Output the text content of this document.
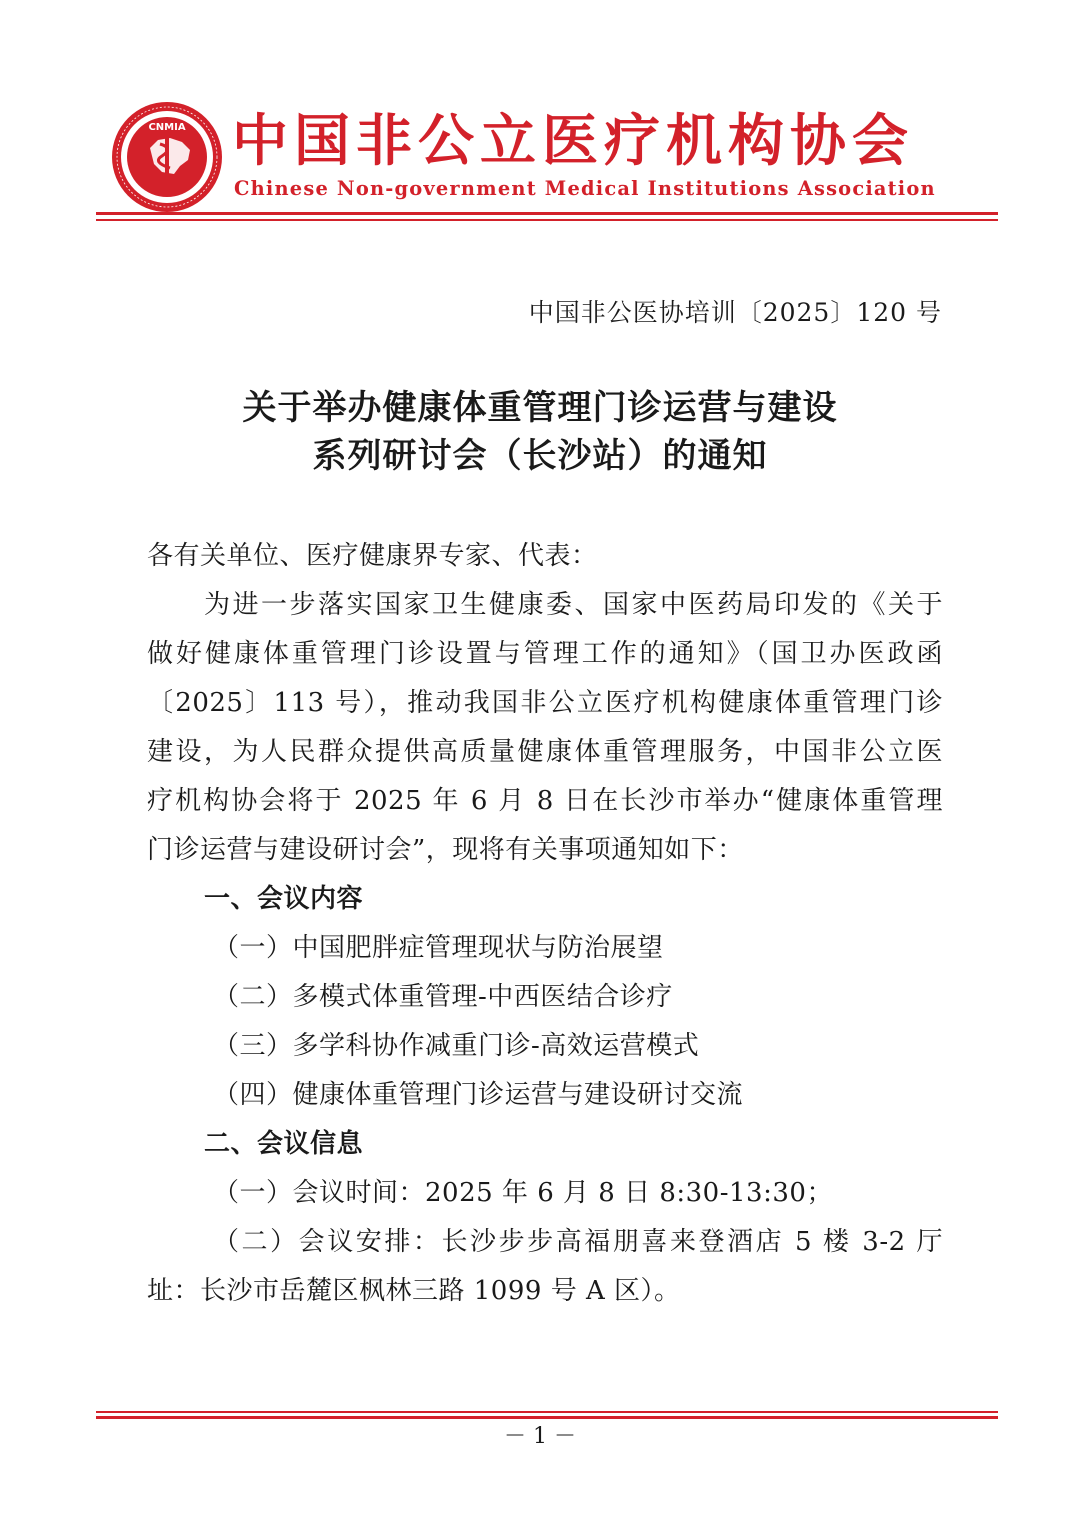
CNMIA 中国非公立医疗机构协会
Chinese Non-government Medical Institutions Association
中国非公医协培训〔2025〕120 号
关于举办健康体重管理门诊运营与建设
系列研讨会（长沙站）的通知
各有关单位、医疗健康界专家、代表：
为进一步落实国家卫生健康委、国家中医药局印发的《关于
做好健康体重管理门诊设置与管理工作的通知》（国卫办医政函
〔2025〕113 号），推动我国非公立医疗机构健康体重管理门诊
建设，为人民群众提供高质量健康体重管理服务，中国非公立医
疗机构协会将于 2025 年 6 月 8 日在长沙市举办“健康体重管理
门诊运营与建设研讨会”，现将有关事项通知如下：
一、会议内容
（一）中国肥胖症管理现状与防治展望
（二）多模式体重管理-中西医结合诊疗
（三）多学科协作减重门诊-高效运营模式
（四）健康体重管理门诊运营与建设研讨交流
二、会议信息
（一）会议时间：2025 年 6 月 8 日 8:30-13:30；
（二）会议安排：长沙步步高福朋喜来登酒店 5 楼 3-2 厅
址：长沙市岳麓区枫林三路 1099 号 A 区）。
－ 1 －
